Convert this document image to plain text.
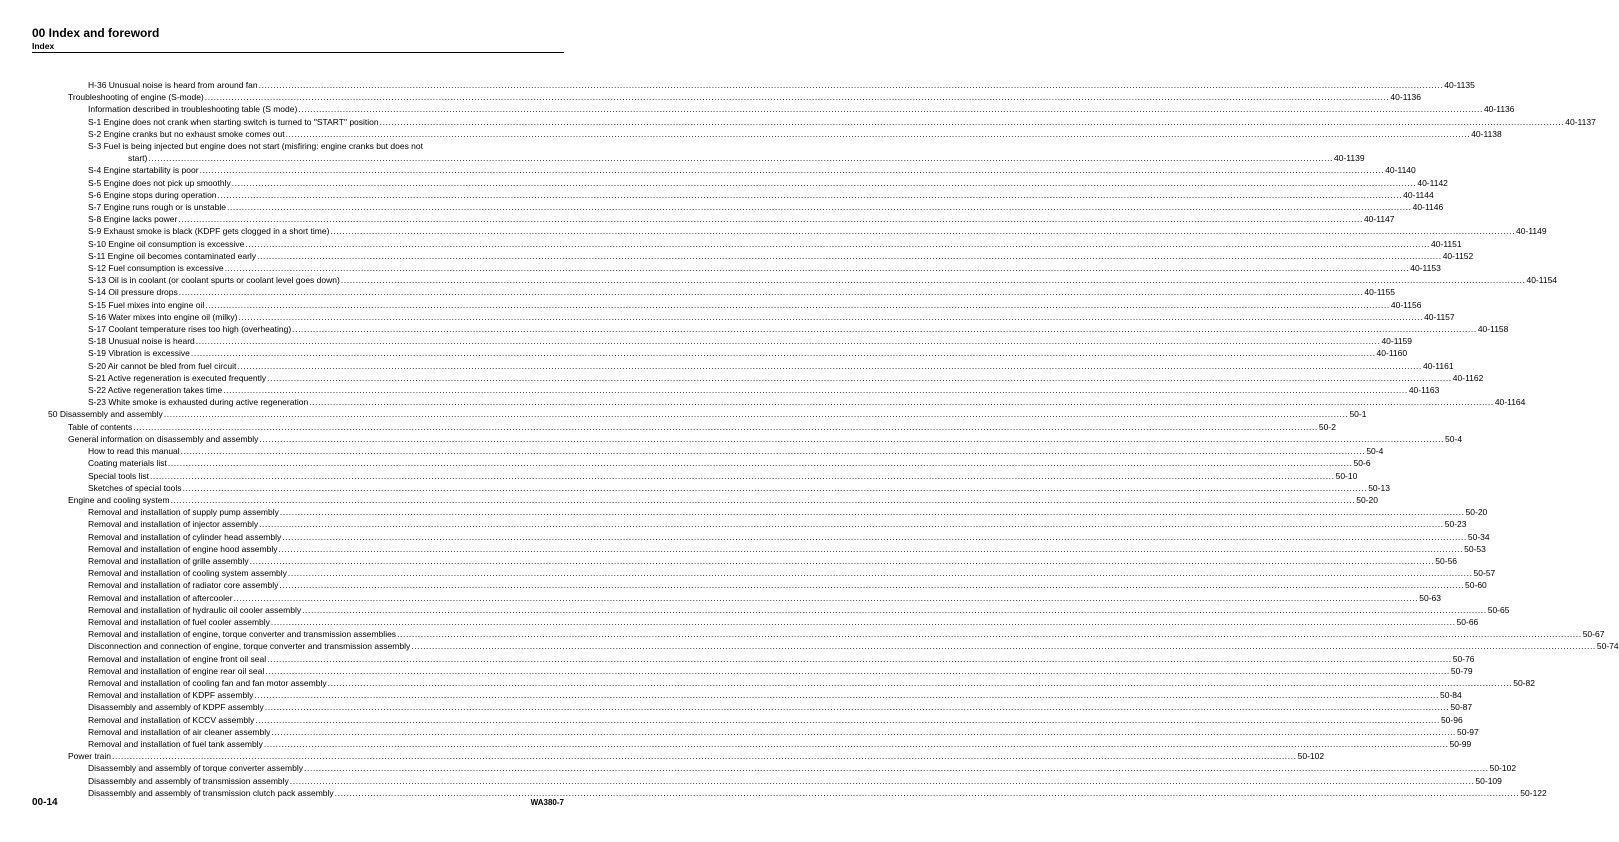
00 Index and foreword
Index
H-36 Unusual noise is heard from around fan ................................................................................................................................................................................................................................................................................................................................................................................................................ 40-1135
Troubleshooting of engine (S-mode) ................................................................................................................................................................................................................................................................................................................................................................................................................ 40-1136
Information described in troubleshooting table (S mode) ................................................................................................................................................................................................................................................................................................................................................................................................................ 40-1136
S-1 Engine does not crank when starting switch is turned to "START" position ................................................................................................................................................................................................................................................................................................................................................................................................................ 40-1137
S-2 Engine cranks but no exhaust smoke comes out ................................................................................................................................................................................................................................................................................................................................................................................................................ 40-1138
S-3 Fuel is being injected but engine does not start (misfiring: engine cranks but does not
start) ................................................................................................................................................................................................................................................................................................................................................................................................................ 40-1139
S-4 Engine startability is poor ................................................................................................................................................................................................................................................................................................................................................................................................................ 40-1140
S-5 Engine does not pick up smoothly ................................................................................................................................................................................................................................................................................................................................................................................................................ 40-1142
S-6 Engine stops during operation ................................................................................................................................................................................................................................................................................................................................................................................................................ 40-1144
S-7 Engine runs rough or is unstable ................................................................................................................................................................................................................................................................................................................................................................................................................ 40-1146
S-8 Engine lacks power ................................................................................................................................................................................................................................................................................................................................................................................................................ 40-1147
S-9 Exhaust smoke is black (KDPF gets clogged in a short time) ................................................................................................................................................................................................................................................................................................................................................................................................................ 40-1149
S-10 Engine oil consumption is excessive ................................................................................................................................................................................................................................................................................................................................................................................................................ 40-1151
S-11 Engine oil becomes contaminated early ................................................................................................................................................................................................................................................................................................................................................................................................................ 40-1152
S-12 Fuel consumption is excessive ................................................................................................................................................................................................................................................................................................................................................................................................................ 40-1153
S-13 Oil is in coolant (or coolant spurts or coolant level goes down) ................................................................................................................................................................................................................................................................................................................................................................................................................ 40-1154
S-14 Oil pressure drops ................................................................................................................................................................................................................................................................................................................................................................................................................ 40-1155
S-15 Fuel mixes into engine oil ................................................................................................................................................................................................................................................................................................................................................................................................................ 40-1156
S-16 Water mixes into engine oil (milky) ................................................................................................................................................................................................................................................................................................................................................................................................................ 40-1157
S-17 Coolant temperature rises too high (overheating) ................................................................................................................................................................................................................................................................................................................................................................................................................ 40-1158
S-18 Unusual noise is heard ................................................................................................................................................................................................................................................................................................................................................................................................................ 40-1159
S-19 Vibration is excessive ................................................................................................................................................................................................................................................................................................................................................................................................................ 40-1160
S-20 Air cannot be bled from fuel circuit ................................................................................................................................................................................................................................................................................................................................................................................................................ 40-1161
S-21 Active regeneration is executed frequently ................................................................................................................................................................................................................................................................................................................................................................................................................ 40-1162
S-22 Active regeneration takes time ................................................................................................................................................................................................................................................................................................................................................................................................................ 40-1163
S-23 White smoke is exhausted during active regeneration ................................................................................................................................................................................................................................................................................................................................................................................................................ 40-1164
50 Disassembly and assembly ................................................................................................................................................................................................................................................................................................................................................................................................................ 50-1
Table of contents ................................................................................................................................................................................................................................................................................................................................................................................................................ 50-2
General information on disassembly and assembly ................................................................................................................................................................................................................................................................................................................................................................................................................ 50-4
How to read this manual ................................................................................................................................................................................................................................................................................................................................................................................................................ 50-4
Coating materials list ................................................................................................................................................................................................................................................................................................................................................................................................................ 50-6
Special tools list ................................................................................................................................................................................................................................................................................................................................................................................................................ 50-10
Sketches of special tools ................................................................................................................................................................................................................................................................................................................................................................................................................ 50-13
Engine and cooling system ................................................................................................................................................................................................................................................................................................................................................................................................................ 50-20
Removal and installation of supply pump assembly ................................................................................................................................................................................................................................................................................................................................................................................................................ 50-20
Removal and installation of injector assembly ................................................................................................................................................................................................................................................................................................................................................................................................................ 50-23
Removal and installation of cylinder head assembly ................................................................................................................................................................................................................................................................................................................................................................................................................ 50-34
Removal and installation of engine hood assembly ................................................................................................................................................................................................................................................................................................................................................................................................................ 50-53
Removal and installation of grille assembly ................................................................................................................................................................................................................................................................................................................................................................................................................ 50-56
Removal and installation of cooling system assembly ................................................................................................................................................................................................................................................................................................................................................................................................................ 50-57
Removal and installation of radiator core assembly ................................................................................................................................................................................................................................................................................................................................................................................................................ 50-60
Removal and installation of aftercooler ................................................................................................................................................................................................................................................................................................................................................................................................................ 50-63
Removal and installation of hydraulic oil cooler assembly ................................................................................................................................................................................................................................................................................................................................................................................................................ 50-65
Removal and installation of fuel cooler assembly ................................................................................................................................................................................................................................................................................................................................................................................................................ 50-66
Removal and installation of engine, torque converter and transmission assemblies ................................................................................................................................................................................................................................................................................................................................................................................................................ 50-67
Disconnection and connection of engine, torque converter and transmission assembly ................................................................................................................................................................................................................................................................................................................................................................................................................ 50-74
Removal and installation of engine front oil seal ................................................................................................................................................................................................................................................................................................................................................................................................................ 50-76
Removal and installation of engine rear oil seal ................................................................................................................................................................................................................................................................................................................................................................................................................ 50-79
Removal and installation of cooling fan and fan motor assembly ................................................................................................................................................................................................................................................................................................................................................................................................................ 50-82
Removal and installation of KDPF assembly ................................................................................................................................................................................................................................................................................................................................................................................................................ 50-84
Disassembly and assembly of KDPF assembly ................................................................................................................................................................................................................................................................................................................................................................................................................ 50-87
Removal and installation of KCCV assembly ................................................................................................................................................................................................................................................................................................................................................................................................................ 50-96
Removal and installation of air cleaner assembly ................................................................................................................................................................................................................................................................................................................................................................................................................ 50-97
Removal and installation of fuel tank assembly ................................................................................................................................................................................................................................................................................................................................................................................................................ 50-99
Power train ................................................................................................................................................................................................................................................................................................................................................................................................................ 50-102
Disassembly and assembly of torque converter assembly ................................................................................................................................................................................................................................................................................................................................................................................................................ 50-102
Disassembly and assembly of transmission assembly ................................................................................................................................................................................................................................................................................................................................................................................................................ 50-109
Disassembly and assembly of transmission clutch pack assembly ................................................................................................................................................................................................................................................................................................................................................................................................................ 50-122
00-14	WA380-7
